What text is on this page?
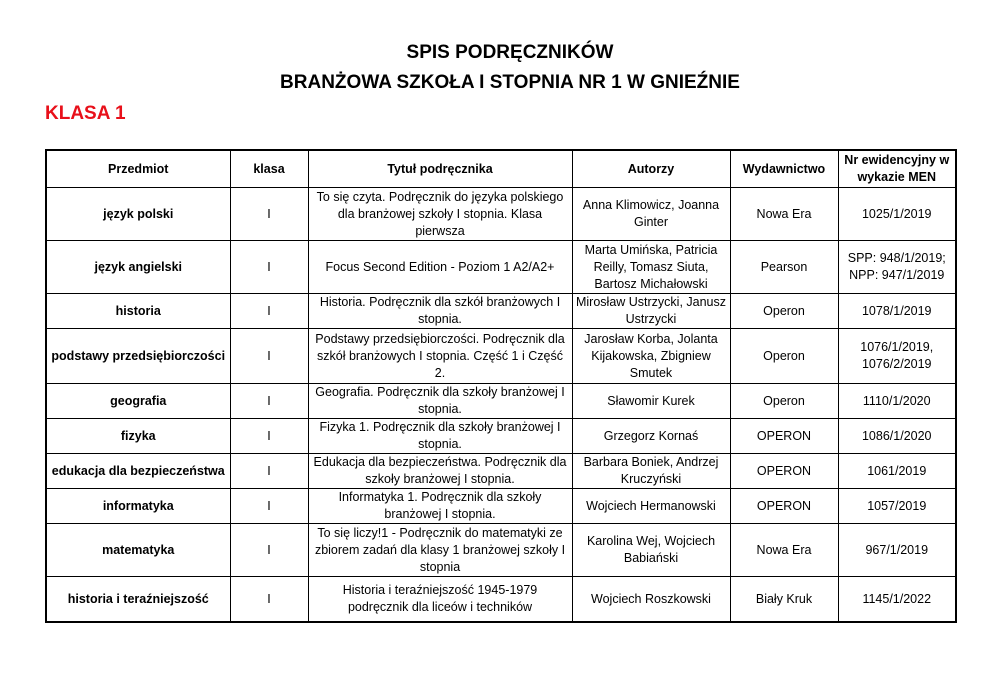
SPIS PODRĘCZNIKÓW
BRANŻOWA SZKOŁA I STOPNIA NR 1 W GNIEŹNIE
KLASA 1
Przedmiot	klasa	Tytuł podręcznika	Autorzy	Wydawnictwo	Nr ewidencyjny w wykazie MEN
język polski	I	To się czyta. Podręcznik do języka polskiego dla branżowej szkoły I stopnia. Klasa pierwsza	Anna Klimowicz, Joanna Ginter	Nowa Era	1025/1/2019
język angielski	I	Focus Second Edition - Poziom 1 A2/A2+	Marta Umińska, Patricia Reilly, Tomasz Siuta, Bartosz Michałowski	Pearson	SPP: 948/1/2019; NPP: 947/1/2019
historia	I	Historia. Podręcznik dla szkół branżowych I stopnia.	Mirosław Ustrzycki, Janusz Ustrzycki	Operon	1078/1/2019
podstawy przedsiębiorczości	I	Podstawy przedsiębiorczości. Podręcznik dla szkół branżowych I stopnia. Część 1 i Część 2.	Jarosław Korba, Jolanta Kijakowska, Zbigniew Smutek	Operon	1076/1/2019, 1076/2/2019
geografia	I	Geografia. Podręcznik dla szkoły branżowej I stopnia.	Sławomir Kurek	Operon	1110/1/2020
fizyka	I	Fizyka 1. Podręcznik dla szkoły branżowej I stopnia.	Grzegorz Kornaś	OPERON	1086/1/2020
edukacja dla bezpieczeństwa	I	Edukacja dla bezpieczeństwa. Podręcznik dla szkoły branżowej I stopnia.	Barbara Boniek, Andrzej Kruczyński	OPERON	1061/2019
informatyka	I	Informatyka 1. Podręcznik dla szkoły branżowej I stopnia.	Wojciech Hermanowski	OPERON	1057/2019
matematyka	I	To się liczy!1 - Podręcznik do matematyki ze zbiorem zadań dla klasy 1 branżowej szkoły I stopnia	Karolina Wej, Wojciech Babiański	Nowa Era	967/1/2019
historia i teraźniejszość	I	Historia i teraźniejszość 1945-1979 podręcznik dla liceów i techników	Wojciech Roszkowski	Biały Kruk	1145/1/2022
